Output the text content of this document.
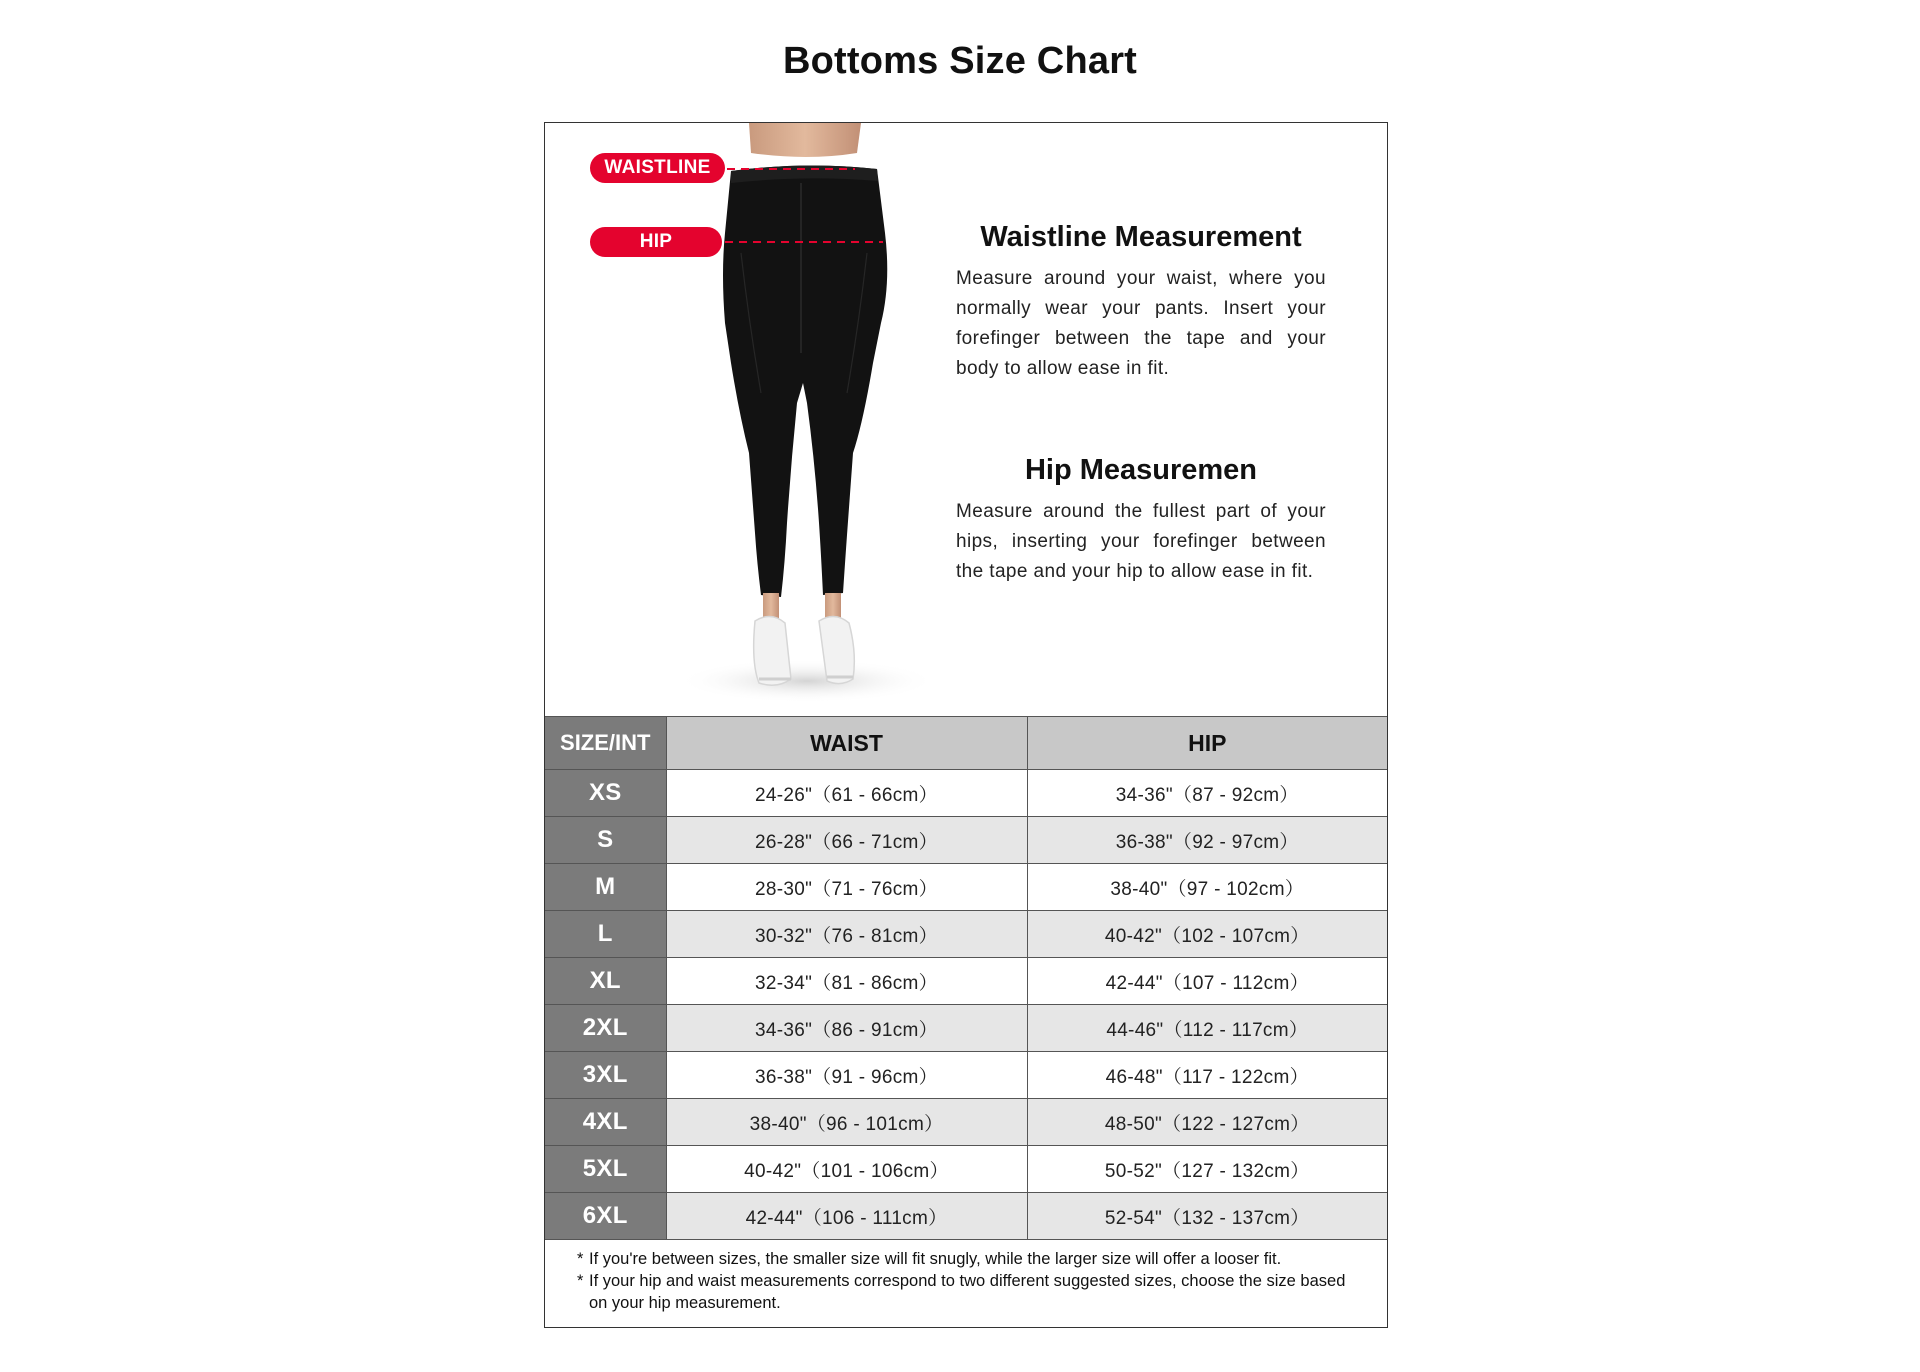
Bottoms Size Chart
WAISTLINE
HIP	Waistline Measurement

Measure around your waist, where you normally wear your pants. Insert your forefinger between the tape and your body to allow ease in fit.

Hip Measuremen

Measure around the fullest part of your hips, inserting your forefinger between the tape and your hip to allow ease in fit.

SIZE/INT	WAIST	HIP
XS	24-26"（61 - 66cm）	34-36"（87 - 92cm）
S	26-28"（66 - 71cm）	36-38"（92 - 97cm）
M	28-30"（71 - 76cm）	38-40"（97 - 102cm）
L	30-32"（76 - 81cm）	40-42"（102 - 107cm）
XL	32-34"（81 - 86cm）	42-44"（107 - 112cm）
2XL	34-36"（86 - 91cm）	44-46"（112 - 117cm）
3XL	36-38"（91 - 96cm）	46-48"（117 - 122cm）
4XL	38-40"（96 - 101cm）	48-50"（122 - 127cm）
5XL	40-42"（101 - 106cm）	50-52"（127 - 132cm）
6XL	42-44"（106 - 111cm）	52-54"（132 - 137cm）
* If you're between sizes, the smaller size will fit snugly, while the larger size will offer a looser fit.
* If your hip and waist measurements correspond to two different suggested sizes, choose the size based on your hip measurement.
